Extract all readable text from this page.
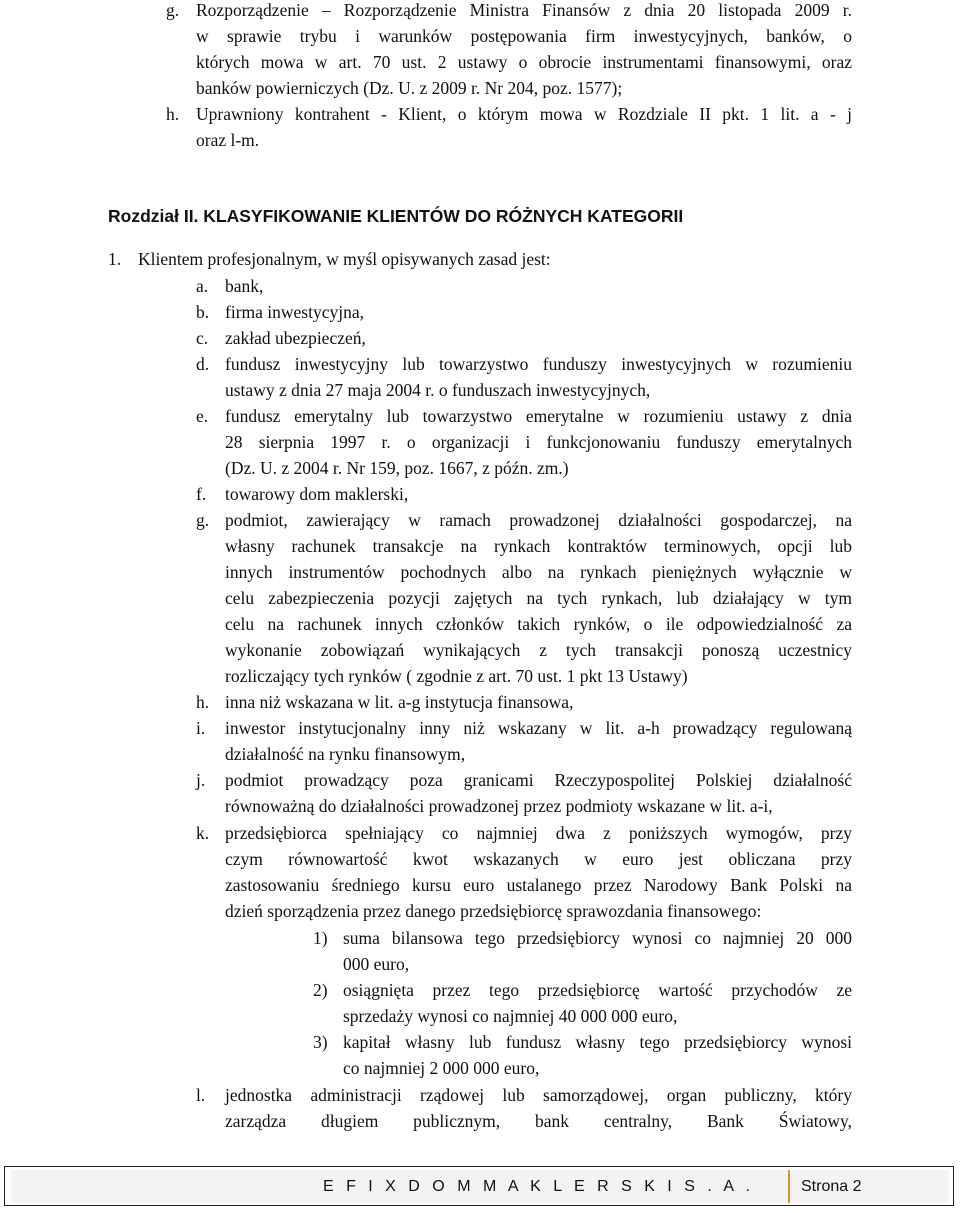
g. Rozporządzenie – Rozporządzenie Ministra Finansów z dnia 20 listopada 2009 r.
w sprawie trybu i warunków postępowania firm inwestycyjnych, banków, o
których mowa w art. 70 ust. 2 ustawy o obrocie instrumentami finansowymi, oraz
banków powierniczych (Dz. U. z 2009 r. Nr 204, poz. 1577);
h. Uprawniony kontrahent - Klient, o którym mowa w Rozdziale II pkt. 1 lit. a - j
oraz l-m.
Rozdział II. KLASYFIKOWANIE KLIENTÓW DO RÓŻNYCH KATEGORII
1. Klientem profesjonalnym, w myśl opisywanych zasad jest:
a. bank,
b. firma inwestycyjna,
c. zakład ubezpieczeń,
d. fundusz inwestycyjny lub towarzystwo funduszy inwestycyjnych w rozumieniu
ustawy z dnia 27 maja 2004 r. o funduszach inwestycyjnych,
e. fundusz emerytalny lub towarzystwo emerytalne w rozumieniu ustawy z dnia
28 sierpnia 1997 r. o organizacji i funkcjonowaniu funduszy emerytalnych
(Dz. U. z 2004 r. Nr 159, poz. 1667, z późn. zm.)
f. towarowy dom maklerski,
g. podmiot, zawierający w ramach prowadzonej działalności gospodarczej, na
własny rachunek transakcje na rynkach kontraktów terminowych, opcji lub
innych instrumentów pochodnych albo na rynkach pieniężnych wyłącznie w
celu zabezpieczenia pozycji zajętych na tych rynkach, lub działający w tym
celu na rachunek innych członków takich rynków, o ile odpowiedzialność za
wykonanie zobowiązań wynikających z tych transakcji ponoszą uczestnicy
rozliczający tych rynków ( zgodnie z art. 70 ust. 1 pkt 13 Ustawy)
h. inna niż wskazana w lit. a-g instytucja finansowa,
i. inwestor instytucjonalny inny niż wskazany w lit. a-h prowadzący regulowaną
działalność na rynku finansowym,
j. podmiot prowadzący poza granicami Rzeczypospolitej Polskiej działalność
równoważną do działalności prowadzonej przez podmioty wskazane w lit. a-i,
k. przedsiębiorca spełniający co najmniej dwa z poniższych wymogów, przy
czym równowartość kwot wskazanych w euro jest obliczana przy
zastosowaniu średniego kursu euro ustalanego przez Narodowy Bank Polski na
dzień sporządzenia przez danego przedsiębiorcę sprawozdania finansowego:
1) suma bilansowa tego przedsiębiorcy wynosi co najmniej 20 000
000 euro,
2) osiągnięta przez tego przedsiębiorcę wartość przychodów ze
sprzedaży wynosi co najmniej 40 000 000 euro,
3) kapitał własny lub fundusz własny tego przedsiębiorcy wynosi
co najmniej 2 000 000 euro,
l. jednostka administracji rządowej lub samorządowej, organ publiczny, który
zarządza długiem publicznym, bank centralny, Bank Światowy,
E F I X D O M M A K L E R S K I S . A .	Strona 2
